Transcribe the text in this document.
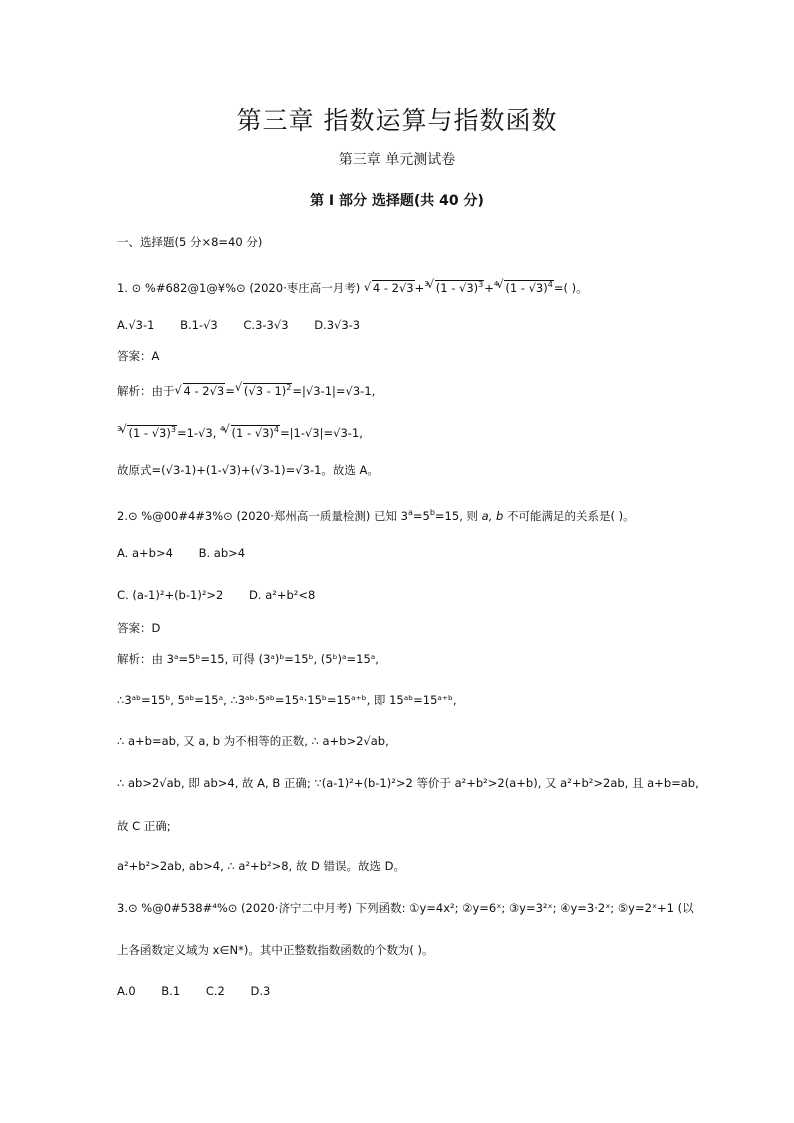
第三章 指数运算与指数函数
第三章 单元测试卷
第 I 部分 选择题(共 40 分)
一、选择题(5 分×8=40 分)
1. ⊙ %#682@1@¥%⊙ (2020·枣庄高一月考) √ 4 - 2√3+$^3$ √ (1 - √3)$^3$+$^4$ √ (1 - √3)$^4$=( )。
A.√3-1 B.1-√3 C.3-3√3 D.3√3-3
答案：A
解析：由于 √ 4 - 2√3= √ (√3 - 1)$^2$=|√3-1|=√3-1,
$^3$ √ (1 - √3)$^3$=1-√3, $^4$ √ (1 - √3)$^4$=|1-√3|=√3-1,
故原式=(√3-1)+(1-√3)+(√3-1)=√3-1。故选 A。
2.⊙ %@00#4#3%⊙ (2020·郑州高一质量检测) 已知 $3^a=5^b=15$, 则 a, b 不可能满足的关系是( )。
A. a+b>4 B. ab>4
C. (a-1)²+(b-1)²>2 D. a²+b²<8
答案：D
解析：由 3ᵃ=5ᵇ=15, 可得 (3ᵃ)ᵇ=15ᵇ, (5ᵇ)ᵃ=15ᵃ,
∴3ᵃᵇ=15ᵇ, 5ᵃᵇ=15ᵃ, ∴3ᵃᵇ·5ᵃᵇ=15ᵃ·15ᵇ=15ᵃ⁺ᵇ, 即 15ᵃᵇ=15ᵃ⁺ᵇ,
∴ a+b=ab, 又 a, b 为不相等的正数, ∴ a+b>2√ab,
∴ ab>2√ab, 即 ab>4, 故 A, B 正确; ∵(a-1)²+(b-1)²>2 等价于 a²+b²>2(a+b), 又 a²+b²>2ab, 且 a+b=ab,
故 C 正确;
a²+b²>2ab, ab>4, ∴ a²+b²>8, 故 D 错误。故选 D。
3.⊙ %@0#538#⁴%⊙ (2020·济宁二中月考) 下列函数: ①y=4x²; ②y=6ˣ; ③y=3²ˣ; ④y=3·2ˣ; ⑤y=2ˣ+1 (以
上各函数定义域为 x∈N*)。其中正整数指数函数的个数为( )。
A.0 B.1 C.2 D.3
